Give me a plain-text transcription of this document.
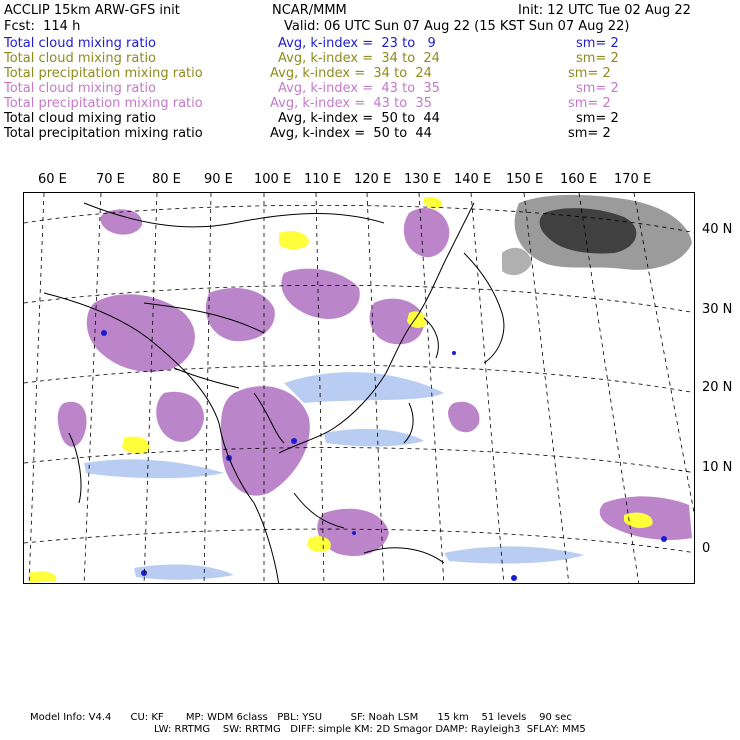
ACCLIP 15km ARW-GFS init	NCAR/MMM	Init: 12 UTC Tue 02 Aug 22
Fcst:  114 h	Valid: 06 UTC Sun 07 Aug 22 (15 KST Sun 07 Aug 22)
Total cloud mixing ratio	Avg, k-index =  23 to   9	sm= 2
Total cloud mixing ratio	Avg, k-index =  34 to  24	sm= 2
Total precipitation mixing ratio	Avg, k-index =  34 to  24	sm= 2
Total cloud mixing ratio	Avg, k-index =  43 to  35	sm= 2
Total precipitation mixing ratio	Avg, k-index =  43 to  35	sm= 2
Total cloud mixing ratio	Avg, k-index =  50 to  44	sm= 2
Total precipitation mixing ratio	Avg, k-index =  50 to  44	sm= 2
60 E 70 E 80 E 90 E 100 E 110 E 120 E 130 E 140 E 150 E 160 E 170 E
40 N
30 N
20 N
10 N
0
Model Info: V4.4      CU: KF       MP: WDM 6class   PBL: YSU         SF: Noah LSM      15 km    51 levels    90 sec
LW: RRTMG    SW: RRTMG   DIFF: simple KM: 2D Smagor DAMP: Rayleigh3  SFLAY: MM5
